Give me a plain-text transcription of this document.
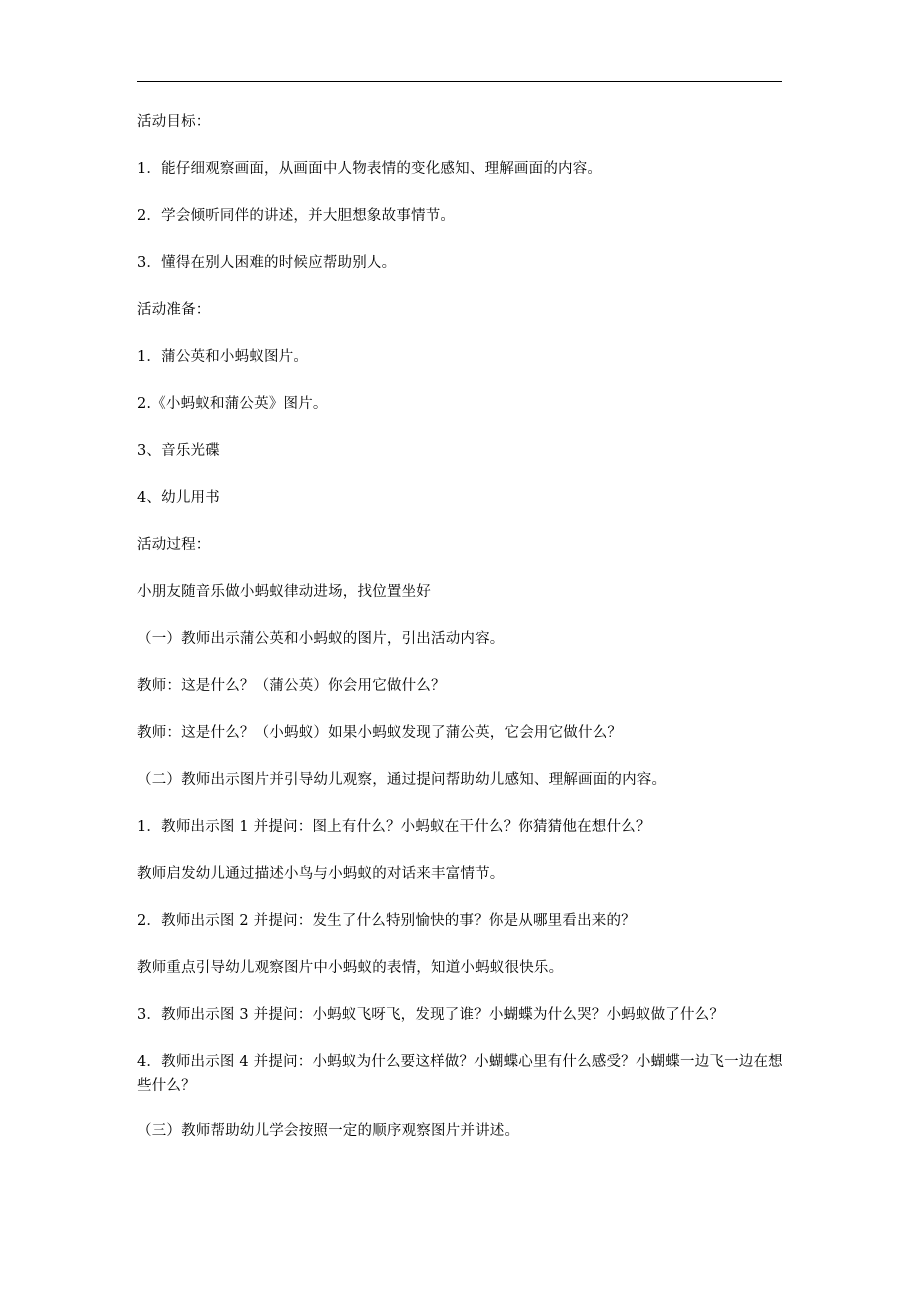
活动目标：

1．能仔细观察画面，从画面中人物表情的变化感知、理解画面的内容。

2．学会倾听同伴的讲述，并大胆想象故事情节。

3．懂得在别人困难的时候应帮助别人。

活动准备：

1．蒲公英和小蚂蚁图片。

2.《小蚂蚁和蒲公英》图片。

3、音乐光碟

4、幼儿用书

活动过程：

小朋友随音乐做小蚂蚁律动进场，找位置坐好

（一）教师出示蒲公英和小蚂蚁的图片，引出活动内容。

教师：这是什么？（蒲公英）你会用它做什么？

教师：这是什么？（小蚂蚁）如果小蚂蚁发现了蒲公英，它会用它做什么？

（二）教师出示图片并引导幼儿观察，通过提问帮助幼儿感知、理解画面的内容。

1．教师出示图 1 并提问：图上有什么？小蚂蚁在干什么？你猜猜他在想什么？

教师启发幼儿通过描述小鸟与小蚂蚁的对话来丰富情节。

2．教师出示图 2 并提问：发生了什么特别愉快的事？你是从哪里看出来的？

教师重点引导幼儿观察图片中小蚂蚁的表情，知道小蚂蚁很快乐。

3．教师出示图 3 并提问：小蚂蚁飞呀飞，发现了谁？小蝴蝶为什么哭？小蚂蚁做了什么？

4．教师出示图 4 并提问：小蚂蚁为什么要这样做？小蝴蝶心里有什么感受？小蝴蝶一边飞一边在想些什么？

（三）教师帮助幼儿学会按照一定的顺序观察图片并讲述。
